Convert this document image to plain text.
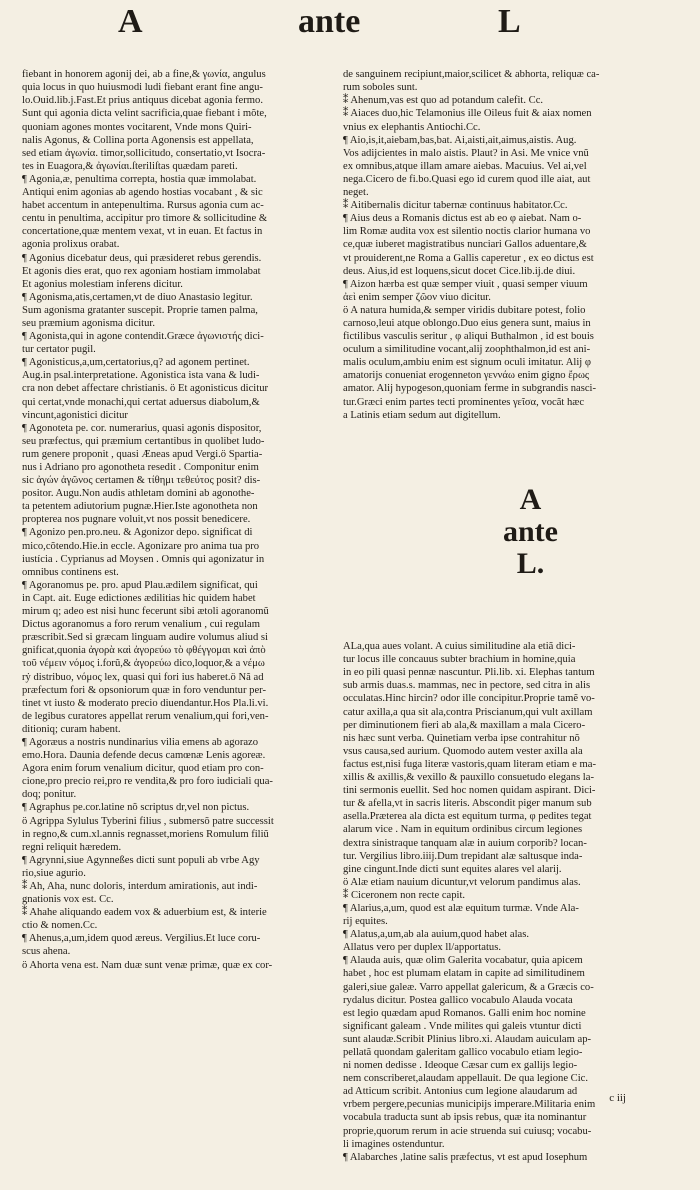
A	ante	L

fiebant in honorem agonij dei, ab a fine,& γωνία, angulus
quia locus in quo huiusmodi ludi fiebant erant fine angu-
lo.Ouid.lib.j.Fast.Et prius antiquus dicebat agonia fermo.
Sunt qui agonia dicta velint sacrificia,quae fiebant i mõte,
quoniam agones montes vocitarent, Vnde mons Quiri-
nalis Agonus, & Collina porta Agonensis est appellata,
sed etiam ἀγωνία. timor,sollicitudo, consertatio,vt Isocra-
tes in Euagora,& ἀγωνίαι.ſteriliſtas quædam pareti.
¶ Agonia,æ, penultima correpta, hostia quæ immolabat.
Antiqui enim agonias ab agendo hostias vocabant , & sic
habet accentum in antepenultima. Rursus agonia cum ac-
centu in penultima, accipitur pro timore & sollicitudine &
concertatione,quæ mentem vexat, vt in euan. Et factus in
agonia prolixus orabat.
¶ Agonius dicebatur deus, qui præsideret rebus gerendis.
Et agonis dies erat, quo rex agoniam hostiam immolabat
Et agonius molestiam inferens dicitur.
¶ Agonisma,atis,certamen,vt de diuo Anastasio legitur.
Sum agonisma gratanter suscepit. Proprie tamen palma,
seu præmium agonisma dicitur.
¶ Agonista,qui in agone contendit.Græce ἀγωνιστής dici-
tur certator pugil.
¶ Agonisticus,a,um,certatorius,q? ad agonem pertinet.
Aug.in psal.interpretatione. Agonistica ista vana & ludi-
cra non debet affectare christianis. ö Et agonisticus dicitur
qui certat,vnde monachi,qui certat aduersus diabolum,&
vincunt,agonistici dicitur
¶ Agonoteta pe. cor. numerarius, quasi agonis dispositor,
seu præfectus, qui præmium certantibus in quolibet ludo-
rum genere proponit , quasi Æneas apud Vergi.ö Spartia-
nus i Adriano pro agonotheta resedit . Componitur enim
sic ἀγών ἀγῶνος certamen & τίθημι τεθεύτος posit? dis-
positor. Augu.Non audis athletam domini ab agonothe-
ta petentem adiutorium pugnæ.Hier.Iste agonotheta non
propterea nos pugnare voluit,vt nos possit benedicere.
¶ Agonizo pen.pro.neu. & Agonizor depo. significat di
mico,cõtendo.Hie.in eccle. Agonizare pro anima tua pro
iustícia . Cyprianus ad Moysen . Omnis qui agonizatur in
omnibus continens est.
¶ Agoranomus pe. pro. apud Plau.ædilem significat, qui
in Capt. ait. Euge edictiones ædilitias hic quidem habet
mirum q; adeo est nisi hunc fecerunt sibi ætoli agoranomũ
Dictus agoranomus a foro rerum venalium , cui regulam
præscribit.Sed si græcam linguam audire volumus aliud si
gnificat,quonia ἀγορὰ καὶ ἀγορεύω τὸ φθέγγομαι καὶ ἀπὸ
τοῦ νέμειν νόμος i.forũ,& ἀγορεύω dico,loquor,& a νέμω
rẏ distribuo, νόμος lex, quasi qui fori ius haberet.ö Nã ad
præfectum fori & opsoniorum quæ in foro venduntur per-
tinet vt iusto & moderato precio diuendantur.Hos Pla.li.vi.
de legibus curatores appellat rerum venalium,qui fori,ven-
ditioniq; curam habent.
¶ Agoræus a nostris nundinarius vilia emens ab agorazo
emo.Hora. Daunia defende decus camœnæ Lenis agoreæ.
Agora enim forum venalium dicitur, quod etiam pro con-
cione,pro precio rei,pro re vendita,& pro foro iudiciali qua-
doq; ponitur.
¶ Agraphus pe.cor.latine nõ scriptus dr,vel non pictus.
ö Agrippa Sylulus Tyberini filius , submersõ patre successit
in regno,& cum.xl.annis regnasset,moriens Romulum filiũ
regni reliquit hæredem.
¶ Agrynni,siue Agynneßes dicti sunt populi ab vrbe Agy
rio,siue agurio.
⁑ Ah, Aha, nunc doloris, interdum amirationis, aut indi-
gnationis vox est. Cc.
⁑ Ahahe aliquando eadem vox & aduerbium est, & interie
ctio & nomen.Cc.
¶ Ahenus,a,um,idem quod æreus. Vergilius.Et luce coru-
scus ahena.
ö Ahorta vena est. Nam duæ sunt venæ primæ, quæ ex cor-

de sanguinem recipiunt,maior,scilicet & abhorta, reliquæ ca-
rum soboles sunt.
⁑ Ahenum,vas est quo ad potandum calefit. Cc.
⁑ Aiaces duo,hic Telamonius ille Oileus fuit & aiax nomen
vnius ex elephantis Antiochi.Cc.
¶ Aio,is,it,aiebam,bas,bat. Ai,aisti,ait,aimus,aistis. Aug.
Vos adijcientes in malo aistis. Plaut? in Asi. Me vnice vnũ
ex omnibus,atque illam amare aiebas. Macuius. Vel ai,vel
nega.Cicero de fi.bo.Quasi ego id curem quod ille aiat, aut
neget.
⁑ Aitibernalis dicitur tabernæ continuus habitator.Cc.
¶ Aius deus a Romanis dictus est ab eo φ aiebat. Nam o-
lim Romæ audita vox est silentio noctis clarior humana vo
ce,quæ iuberet magistratibus nunciari Gallos aduentare,&
vt prouiderent,ne Roma a Gallis caperetur , ex eo dictus est
deus. Aius,id est loquens,sicut docet Cice.lib.ij.de diui.
¶ Aizon hærba est quæ semper viuit , quasi semper viuum
ἀεὶ enim semper ζῶον viuo dicitur.
ö A natura humida,& semper viridis dubitare potest, folio
carnoso,leui atque oblongo.Duo eius genera sunt, maius in
fictilibus vasculis seritur , φ aliqui Buthalmon , id est bouis
oculum a similitudine vocant,alij zoophthalmon,id est ani-
malis oculum,ambiu enim est signum oculi imitatur. Alij φ
amatorijs conueniat erogenneton γεννάω enim gigno ἔρως
amator. Alij hypogeson,quoniam ferme in subgrandis nasci-
tur.Græci enim partes tecti prominentes γεῖσα, vocãt hæc
a Latinis etiam sedum aut digitellum.

A
ante
L.

ALa,qua aues volant. A cuius similitudine ala etiã dici-
tur locus ille concauus subter brachium in homine,quia
in eo pili quasi pennæ nascuntur. Pli.lib. xi. Elephas tantum
sub armis duas.s. mammas, nec in pectore, sed citra in alis
occulatas.Hinc hircin? odor ille concipitur.Proprie tamẽ vo-
catur axilla,a qua sit ala,contra Priscianum,qui vult axillam
per diminutionem fieri ab ala,& maxillam a mala Cicero-
nis hæc sunt verba. Quinetiam verba ipse contrahitur nõ
vsus causa,sed aurium. Quomodo autem vester axilla ala
factus est,nisi fuga literæ vastoris,quam literam etiam e ma-
xillis & axillis,& vexillo & pauxillo consuetudo elegans la-
tini sermonis euellit. Sed hoc nomen quidam aspirant. Dici-
tur & afella,vt in sacris literis. Abscondit piger manum sub
asella.Præterea ala dicta est equitum turma, φ pedites tegat
alarum vice . Nam in equitum ordinibus circum legiones
dextra sinistraque tanquam alæ in auium corporib? locan-
tur. Vergilius libro.iiij.Dum trepidant alæ saltusque inda-
gine cingunt.Inde dicti sunt equites alares vel alarij.
ö Alæ etiam nauium dicuntur,vt velorum pandimus alas.
⁑ Ciceronem non recte capit.
¶ Alarius,a,um, quod est alæ equitum turmæ. Vnde Ala-
rij equites.
¶ Alatus,a,um,ab ala auium,quod habet alas.
Allatus vero per duplex ll/apportatus.
¶ Alauda auis, quæ olim Galerita vocabatur, quia apicem
habet , hoc est plumam elatam in capite ad similitudinem
galeri,siue galeæ. Varro appellat galericum, & a Græcis co-
rydalus dicitur. Postea gallico vocabulo Alauda vocata
est legio quædam apud Romanos. Galli enim hoc nomine
significant galeam . Vnde milites qui galeis vtuntur dicti
sunt alaudæ.Scribit Plinius libro.xi. Alaudam auiculam ap-
pellatã quondam galeritam gallico vocabulo etiam legio-
ni nomen dedisse . Ideoque Cæsar cum ex gallijs legio-
nem conscriberet,alaudam appellauit. De qua legione Cic.
ad Atticum scribit. Antonius cum legione alaudarum ad
vrbem pergere,pecunias municipijs imperare.Militaria enim
vocabula traducta sunt ab ipsis rebus, quæ ita nominantur
proprie,quorum rerum in acie struenda sui cuiusq; vocabu-
li imagines ostenduntur.
¶ Alabarches ,latine salis præfectus, vt est apud Iosephum

c iij
